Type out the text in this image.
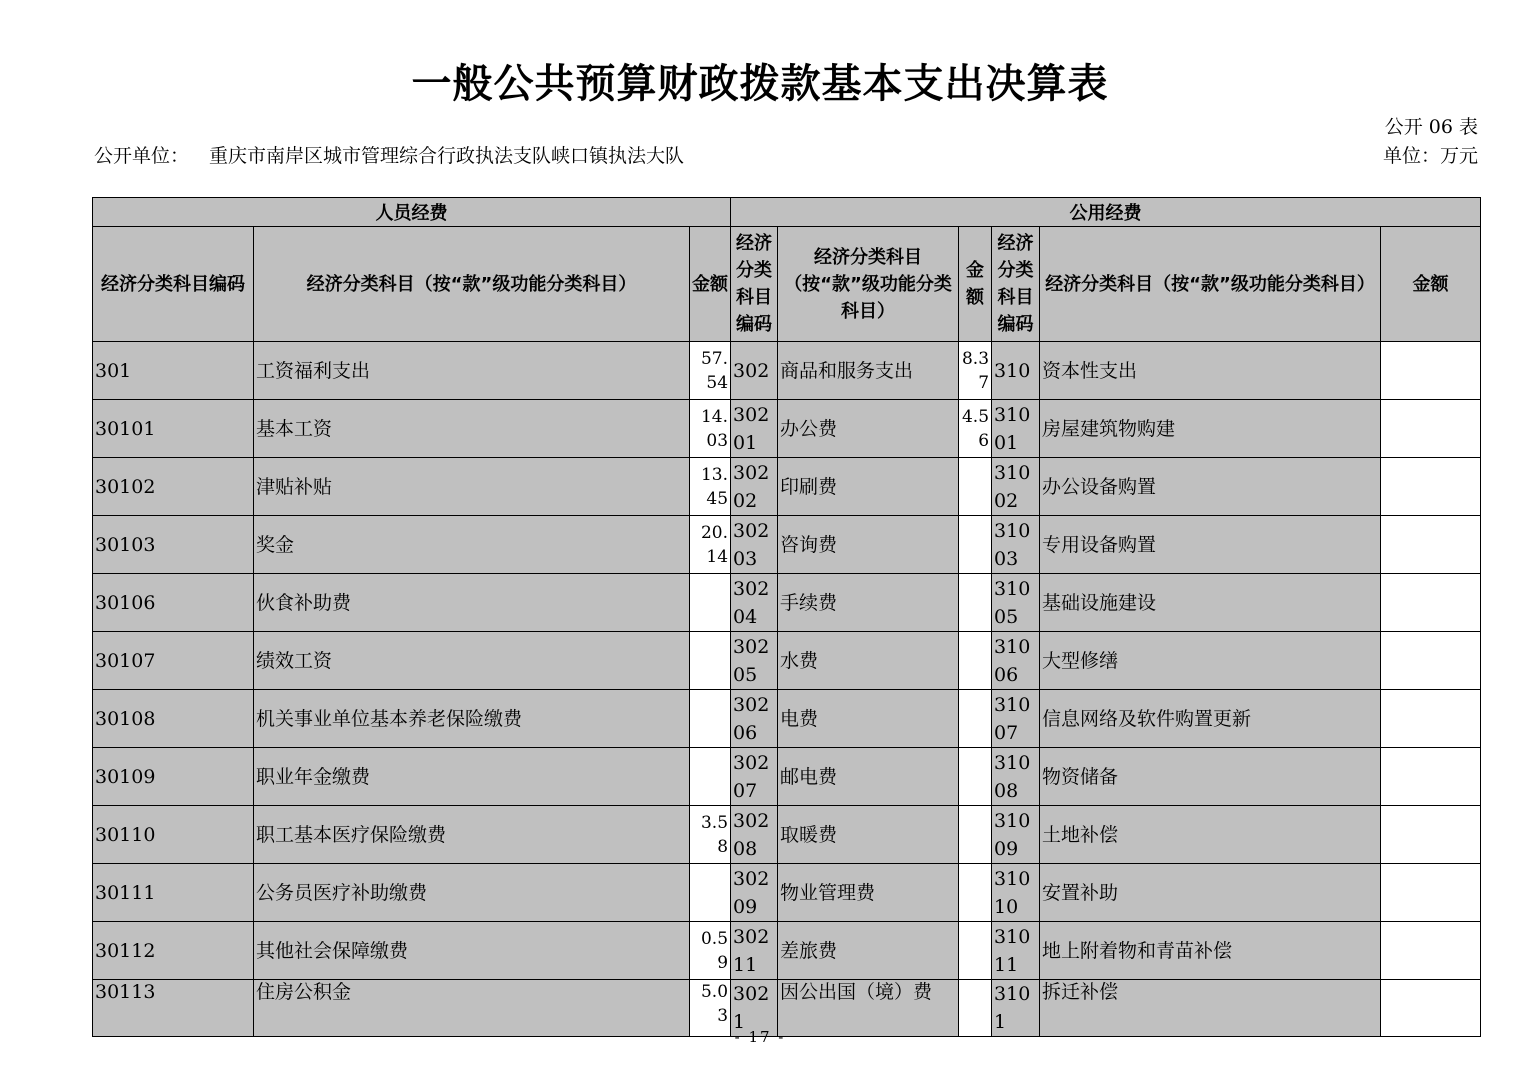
一般公共预算财政拨款基本支出决算表
公开 06 表
公开单位： 重庆市南岸区城市管理综合行政执法支队峡口镇执法大队	单位：万元
人员经费			公用经费					
经济分类科目编码	经济分类科目（按“款”级功能分类科目）	金额	经济分类科目编码	经济分类科目（按“款”级功能分类科目）	金额	经济分类科目编码	经济分类科目（按“款”级功能分类科目）	金额
301	工资福利支出	57.54	302	商品和服务支出	8.37	310	资本性支出	
30101	基本工资	14.03	30201	办公费	4.56	31001	房屋建筑物购建	
30102	津贴补贴	13.45	30202	印刷费		31002	办公设备购置	
30103	奖金	20.14	30203	咨询费		31003	专用设备购置	
30106	伙食补助费		30204	手续费		31005	基础设施建设	
30107	绩效工资		30205	水费		31006	大型修缮	
30108	机关事业单位基本养老保险缴费		30206	电费		31007	信息网络及软件购置更新	
30109	职业年金缴费		30207	邮电费		31008	物资储备	
30110	职工基本医疗保险缴费	3.58	30208	取暖费		31009	土地补偿	
30111	公务员医疗补助缴费		30209	物业管理费		31010	安置补助	
30112	其他社会保障缴费	0.59	30211	差旅费		31011	地上附着物和青苗补偿	
30113	住房公积金	5.03	3021	因公出国（境）费		3101	拆迁补偿	
- 17 -
